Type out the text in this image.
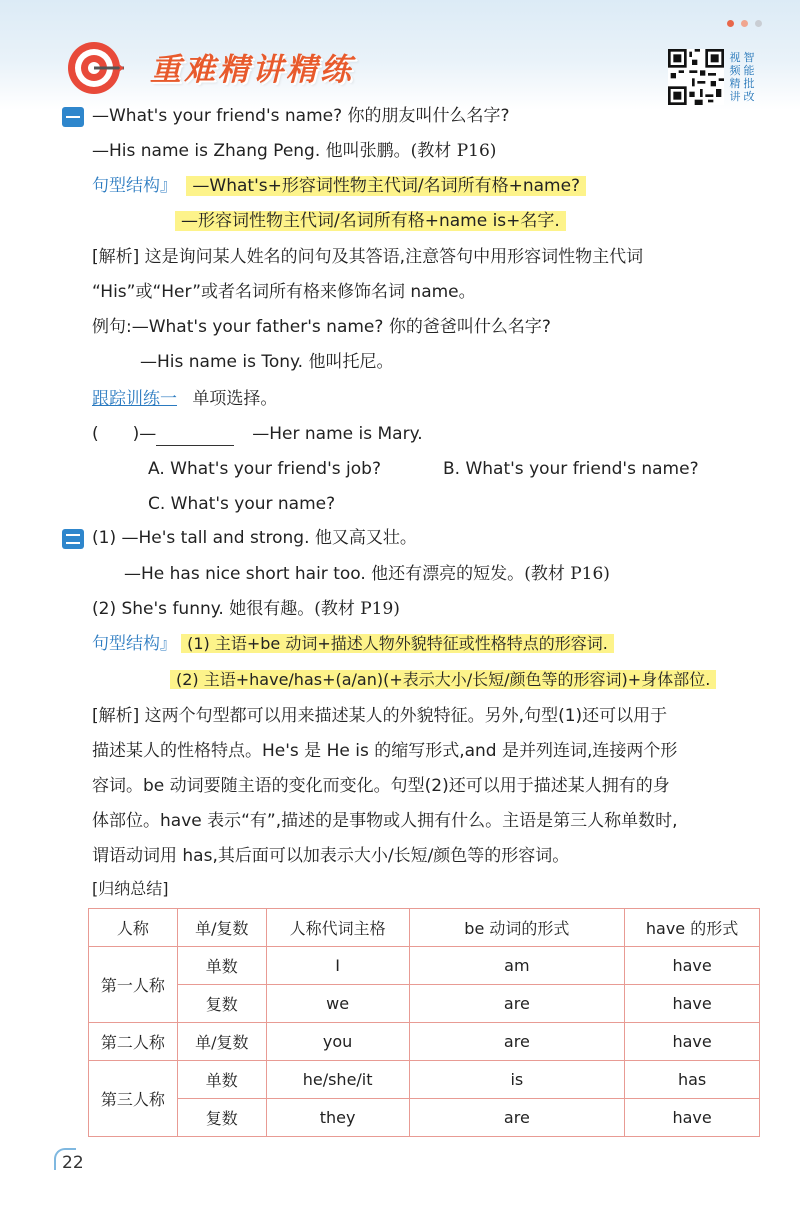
重难精讲精练	视
频
精
讲
智
能
批
改
—What's your friend's name? 你的朋友叫什么名字?
—His name is Zhang Peng. 他叫张鹏。(教材 P16)
句型结构』 —What's+形容词性物主代词/名词所有格+name?
—形容词性物主代词/名词所有格+name is+名字.
[解析] 这是询问某人姓名的问句及其答语,注意答句中用形容词性物主代词
“His”或“Her”或者名词所有格来修饰名词 name。
例句:—What's your father's name? 你的爸爸叫什么名字?
—His name is Tony. 他叫托尼。
跟踪训练一 单项选择。
(　　)—	—Her name is Mary.
A. What's your friend's job?	B. What's your friend's name?
C. What's your name?
(1) —He's tall and strong. 他又高又壮。
—He has nice short hair too. 他还有漂亮的短发。(教材 P16)
(2) She's funny. 她很有趣。(教材 P19)
句型结构』 (1) 主语+be 动词+描述人物外貌特征或性格特点的形容词.
(2) 主语+have/has+(a/an)(+表示大小/长短/颜色等的形容词)+身体部位.
[解析] 这两个句型都可以用来描述某人的外貌特征。另外,句型(1)还可以用于
描述某人的性格特点。He's 是 He is 的缩写形式,and 是并列连词,连接两个形
容词。be 动词要随主语的变化而变化。句型(2)还可以用于描述某人拥有的身
体部位。have 表示“有”,描述的是事物或人拥有什么。主语是第三人称单数时,
谓语动词用 has,其后面可以加表示大小/长短/颜色等的形容词。
[归纳总结]
人称	单/复数	人称代词主格	be 动词的形式	have 的形式
第一人称	单数	I	am	have
	复数	we	are	have
第二人称	单/复数	you	are	have
第三人称	单数	he/she/it	is	has
	复数	they	are	have
22
